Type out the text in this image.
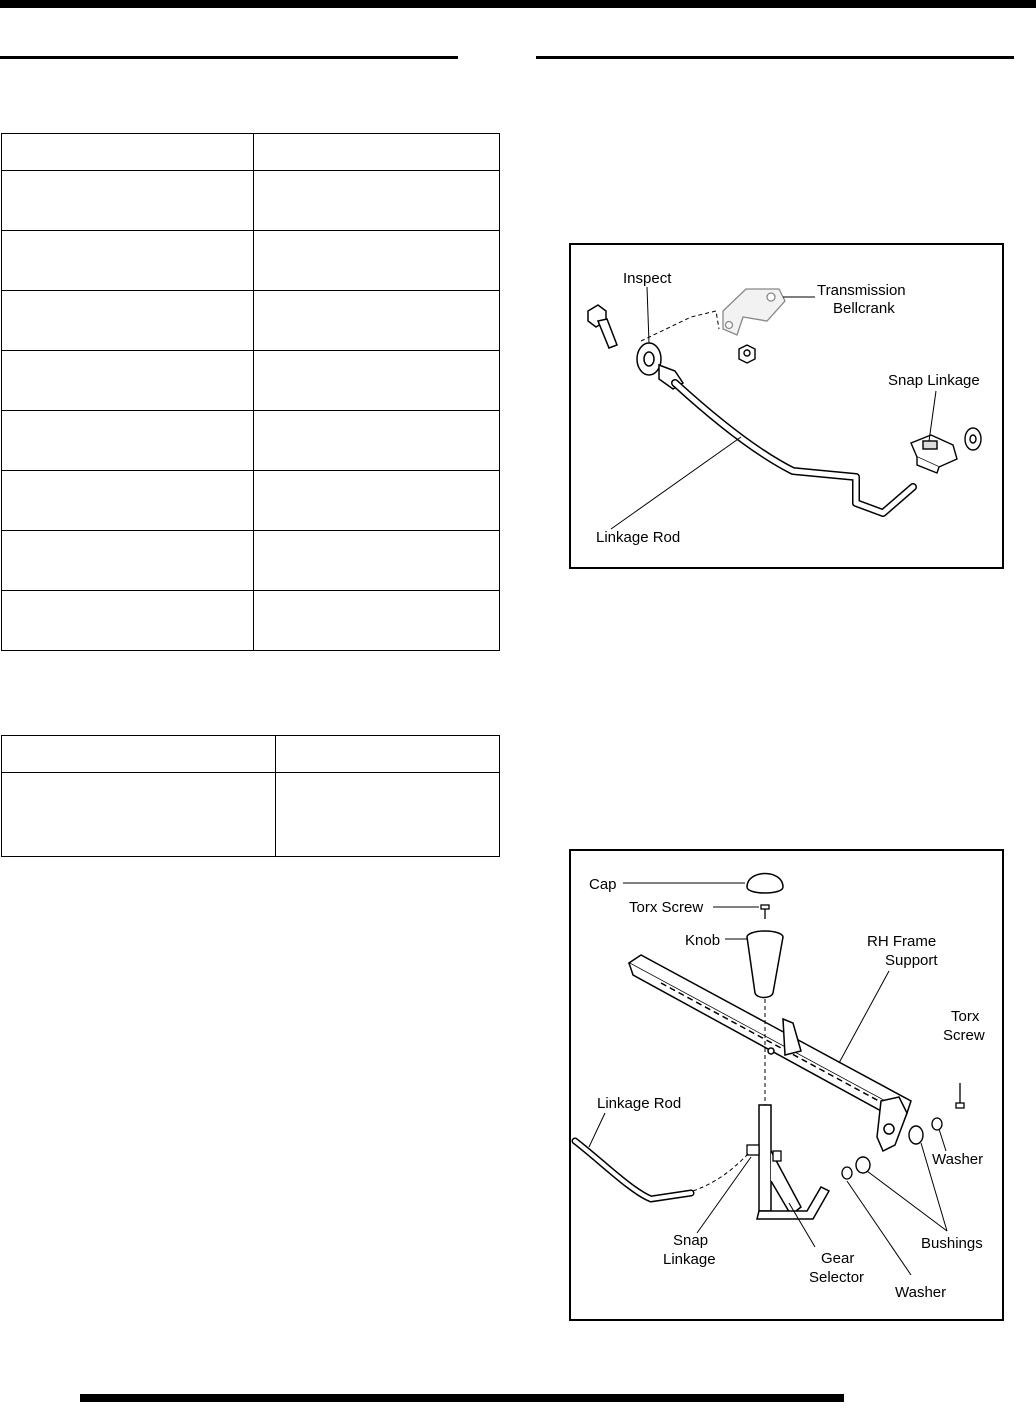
Inspect
Transmission
Bellcrank
Snap Linkage
Linkage Rod
Cap
Torx Screw
Knob	RH Frame
Support
Torx
Screw
Linkage Rod
Washer
Bushings
Snap
Linkage	Gear
Selector
Washer
